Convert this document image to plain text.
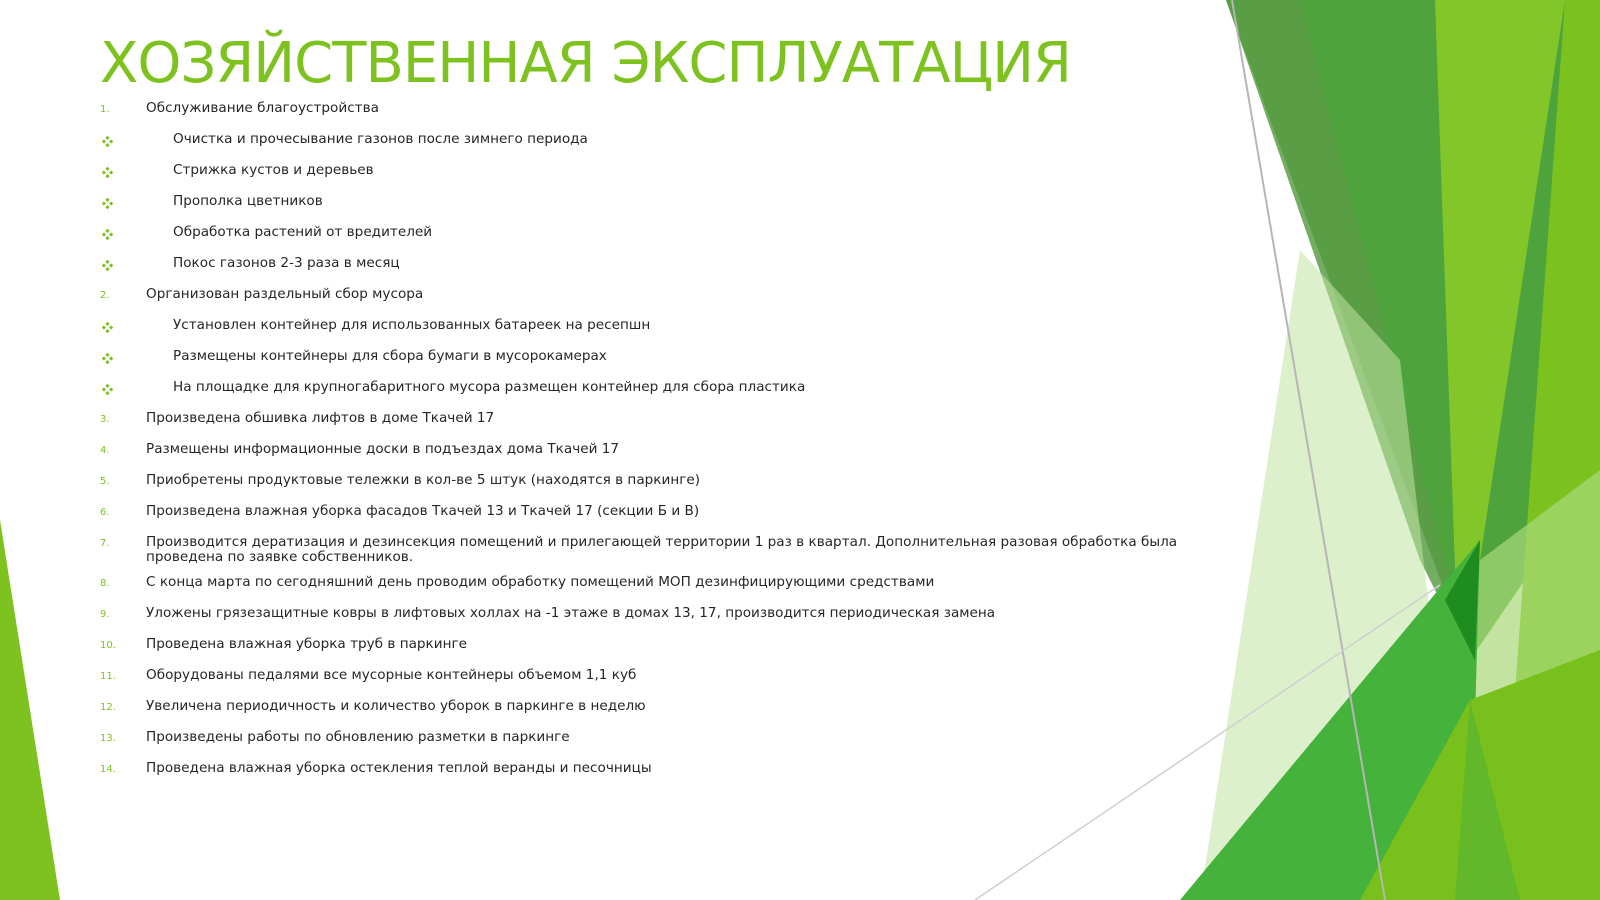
ХОЗЯЙСТВЕННАЯ ЭКСПЛУАТАЦИЯ
1.	Обслуживание благоустройства
Очистка и прочесывание газонов после зимнего периода
Стрижка кустов и деревьев
Прополка цветников
Обработка растений от вредителей
Покос газонов 2-3 раза в месяц
2.	Организован раздельный сбор мусора
Установлен контейнер для использованных батареек на ресепшн
Размещены контейнеры для сбора бумаги в мусорокамерах
На площадке для крупногабаритного мусора размещен контейнер для сбора пластика
3.	Произведена обшивка лифтов в доме Ткачей 17
4.	Размещены информационные доски в подъездах дома Ткачей 17
5.	Приобретены продуктовые тележки в кол-ве 5 штук (находятся в паркинге)
6.	Произведена влажная уборка фасадов Ткачей 13 и Ткачей 17 (секции Б и В)
7.	Производится дератизация и дезинсекция помещений и прилегающей территории 1 раз в квартал. Дополнительная разовая обработка была проведена по заявке собственников.
8.	С конца марта по сегодняшний день проводим обработку помещений МОП дезинфицирующими средствами
9.	Уложены грязезащитные ковры в лифтовых холлах на -1 этаже в домах 13, 17, производится периодическая замена
10.	Проведена влажная уборка труб в паркинге
11.	Оборудованы педалями все мусорные контейнеры объемом 1,1 куб
12.	Увеличена периодичность и количество уборок в паркинге в неделю
13.	Произведены работы по обновлению разметки в паркинге
14.	Проведена влажная уборка остекления теплой веранды и песочницы
